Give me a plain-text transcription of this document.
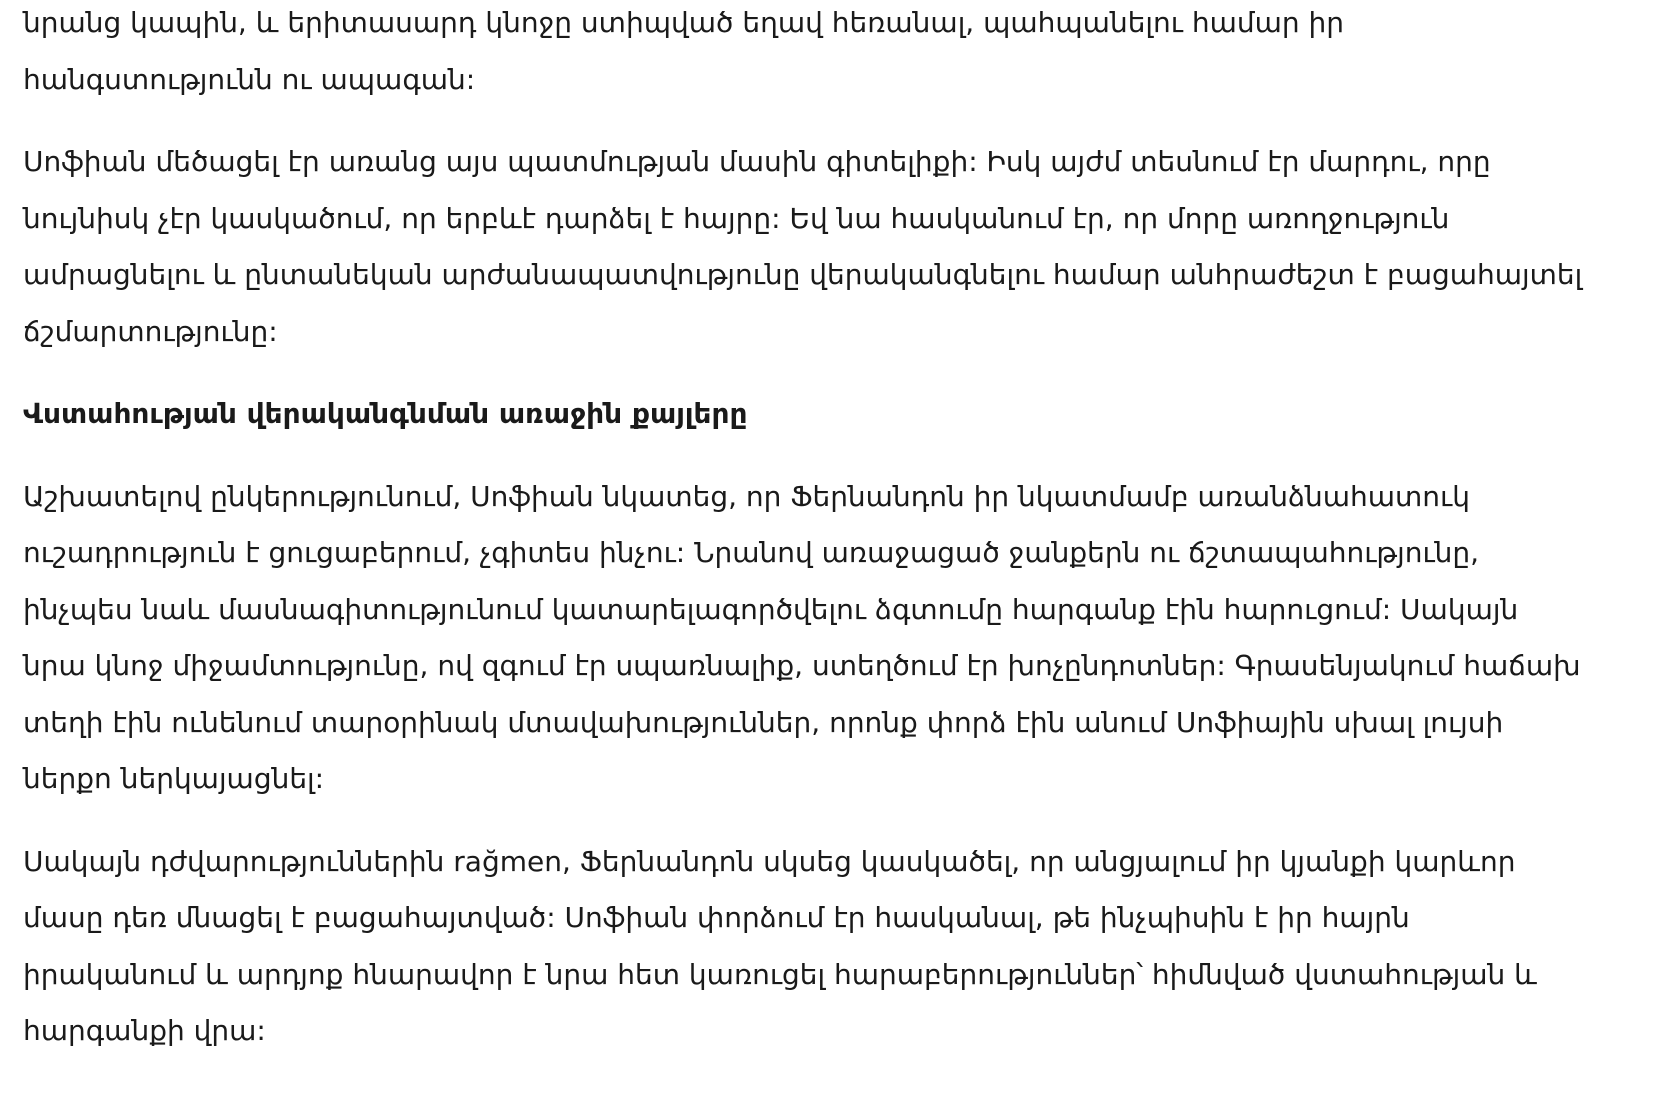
նրանց կապին, և երիտասարդ կնոջը ստիպված եղավ հեռանալ, պահպանելու համար իր հանգստությունն ու ապագան:

Սոֆիան մեծացել էր առանց այս պատմության մասին գիտելիքի: Իսկ այժմ տեսնում էր մարդու, որը նույնիսկ չէր կասկածում, որ երբևէ դարձել է հայրը: Եվ նա հասկանում էր, որ մորը առողջություն ամրացնելու և ընտանեկան արժանապատվությունը վերականգնելու համար անհրաժեշտ է բացահայտել ճշմարտությունը:

Վստահության վերականգնման առաջին քայլերը

Աշխատելով ընկերությունում, Սոֆիան նկատեց, որ Ֆերնանդոն իր նկատմամբ առանձնահատուկ ուշադրություն է ցուցաբերում, չգիտես ինչու: Նրանով առաջացած ջանքերն ու ճշտապահությունը, ինչպես նաև մասնագիտությունում կատարելագործվելու ձգտումը հարգանք էին հարուցում: Սակայն նրա կնոջ միջամտությունը, ով զգում էր սպառնալիք, ստեղծում էր խոչընդոտներ: Գրասենյակում հաճախ տեղի էին ունենում տարօրինակ մտավախություններ, որոնք փորձ էին անում Սոֆիային սխալ լույսի ներքո ներկայացնել:

Սակայն դժվարություններին rağmen, Ֆերնանդոն սկսեց կասկածել, որ անցյալում իր կյանքի կարևոր մասը դեռ մնացել է բացահայտված: Սոֆիան փորձում էր հասկանալ, թե ինչպիսին է իր հայրն իրականում և արդյոք հնարավոր է նրա հետ կառուցել հարաբերություններ՝ հիմնված վստահության և հարգանքի վրա:
